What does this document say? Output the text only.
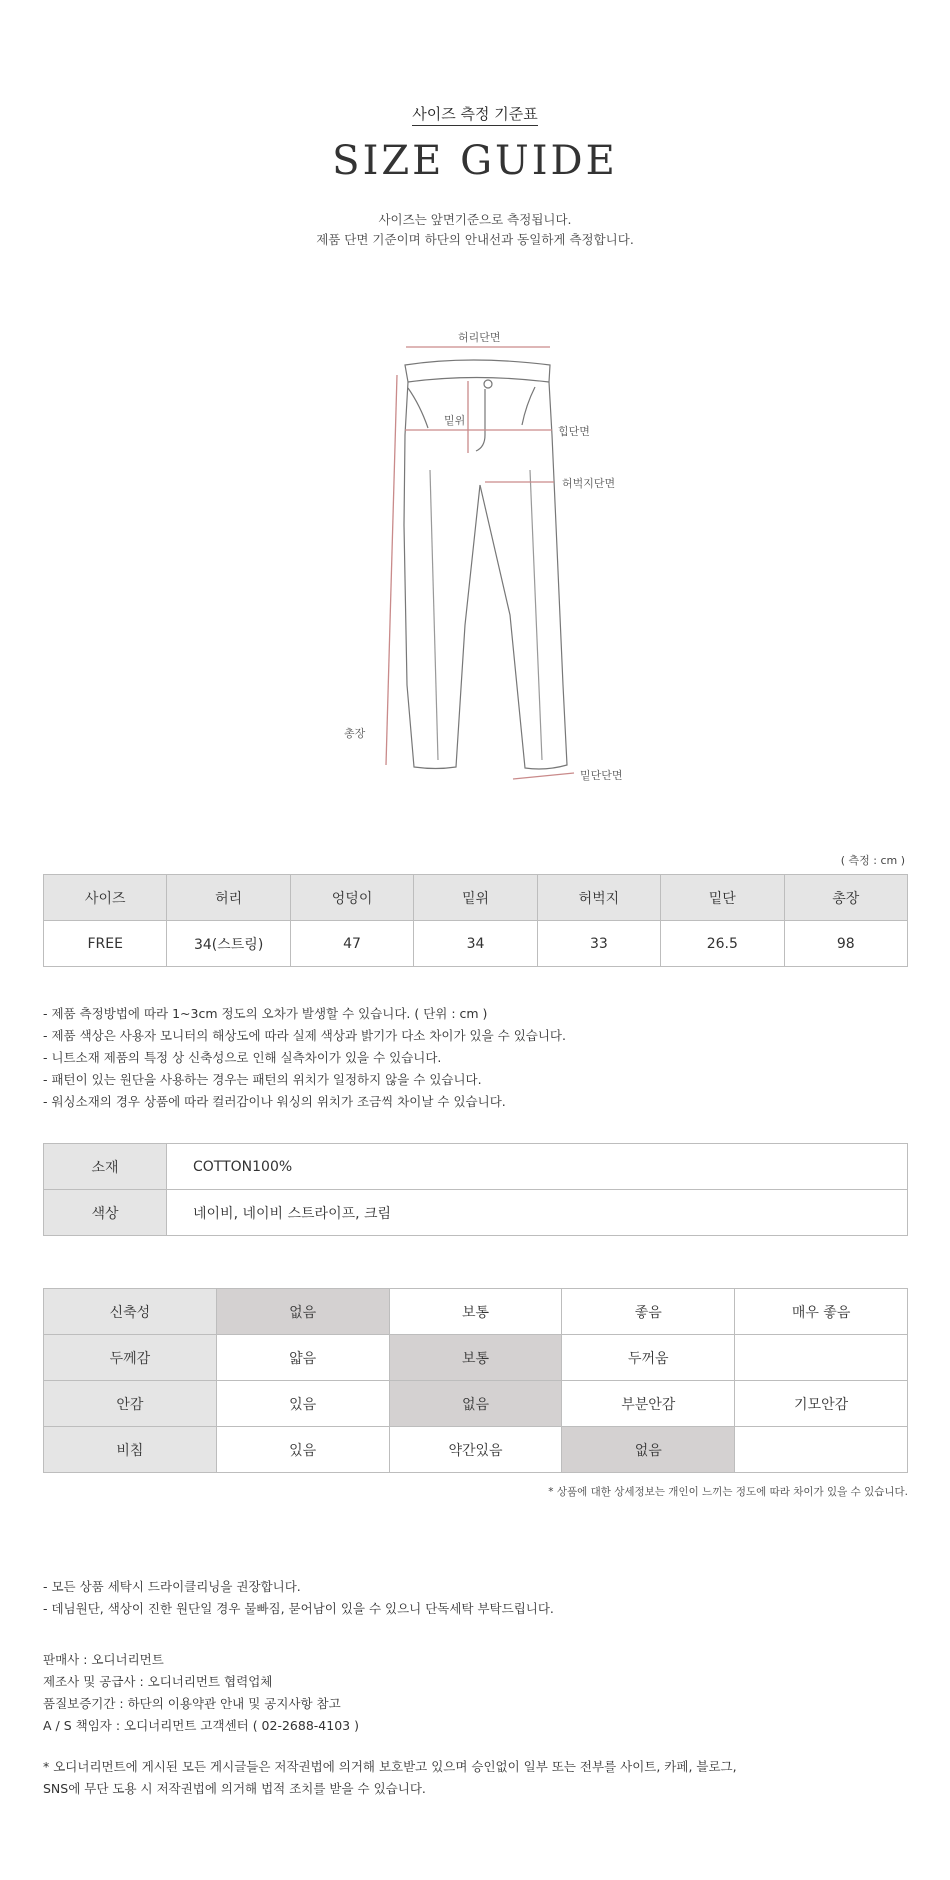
사이즈 측정 기준표
SIZE GUIDE
사이즈는 앞면기준으로 측정됩니다.
제품 단면 기준이며 하단의 안내선과 동일하게 측정합니다.
허리단면
밑위
힙단면
허벅지단면
총장
밑단단면
( 측정 : cm )
사이즈	허리	엉덩이	밑위	허벅지	밑단	총장
FREE	34(스트링)	47	34	33	26.5	98
- 제품 측정방법에 따라 1~3cm 정도의 오차가 발생할 수 있습니다. ( 단위 : cm )
- 제품 색상은 사용자 모니터의 해상도에 따라 실제 색상과 밝기가 다소 차이가 있을 수 있습니다.
- 니트소재 제품의 특정 상 신축성으로 인해 실측차이가 있을 수 있습니다.
- 패턴이 있는 원단을 사용하는 경우는 패턴의 위치가 일정하지 않을 수 있습니다.
- 워싱소재의 경우 상품에 따라 컬러감이나 워싱의 위치가 조금씩 차이날 수 있습니다.
소재	COTTON100%
색상	네이비, 네이비 스트라이프, 크림
신축성	없음	보통	좋음	매우 좋음
두께감	얇음	보통	두꺼움	
안감	있음	없음	부분안감	기모안감
비침	있음	약간있음	없음	
* 상품에 대한 상세정보는 개인이 느끼는 정도에 따라 차이가 있을 수 있습니다.
- 모든 상품 세탁시 드라이클리닝을 권장합니다.
- 데님원단, 색상이 진한 원단일 경우 물빠짐, 묻어남이 있을 수 있으니 단독세탁 부탁드립니다.
판매사 : 오디너리먼트
제조사 및 공급사 : 오디너리먼트 협력업체
품질보증기간 : 하단의 이용약관 안내 및 공지사항 참고
A / S 책임자 : 오디너리먼트 고객센터 ( 02-2688-4103 )
* 오디너리먼트에 게시된 모든 게시글들은 저작권법에 의거해 보호받고 있으며 승인없이 일부 또는 전부를 사이트, 카페, 블로그,
SNS에 무단 도용 시 저작권법에 의거해 법적 조치를 받을 수 있습니다.
